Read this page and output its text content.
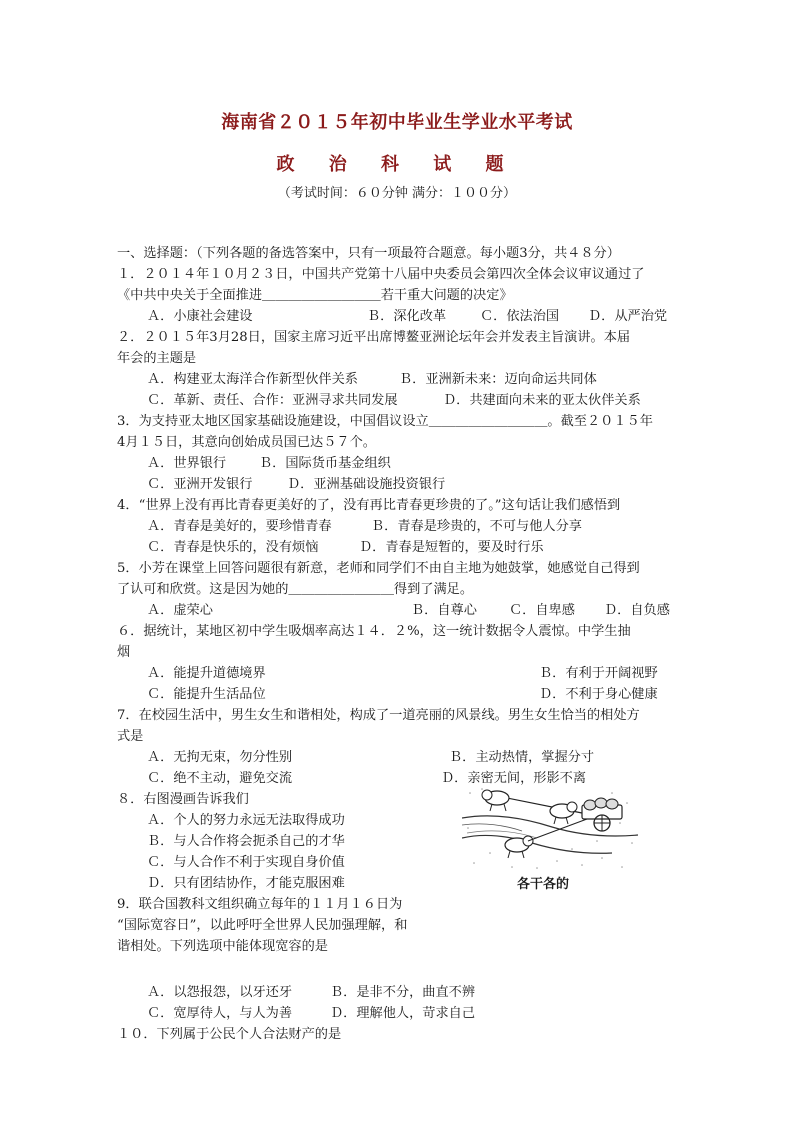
海南省２０１５年初中毕业生学业水平考试
政 治 科 试 题
（考试时间：６０分钟 满分：１００分）
一、选择题：（下列各题的备选答案中，只有一项最符合题意。每小题3分，共４８分）
１．２０１４年１０月２３日，中国共产党第十八届中央委员会第四次全体会议审议通过了
《中共中央关于全面推进＿＿＿＿＿＿＿＿＿若干重大问题的决定》
Ａ．小康社会建设	Ｂ．深化改革	Ｃ．依法治国 Ｄ．从严治党
２．２０１５年3月28日，国家主席习近平出席博鳌亚洲论坛年会并发表主旨演讲。本届
年会的主题是
Ａ．构建亚太海洋合作新型伙伴关系	Ｂ．亚洲新未来：迈向命运共同体
Ｃ．革新、责任、合作：亚洲寻求共同发展	Ｄ．共建面向未来的亚太伙伴关系
3．为支持亚太地区国家基础设施建设，中国倡议设立＿＿＿＿＿＿＿＿＿。截至２０１５年
4月１５日，其意向创始成员国已达５７个。
Ａ．世界银行 Ｂ．国际货币基金组织
Ｃ．亚洲开发银行	Ｄ．亚洲基础设施投资银行
4．“世界上没有再比青春更美好的了，没有再比青春更珍贵的了。”这句话让我们感悟到
Ａ．青春是美好的，要珍惜青春	Ｂ．青春是珍贵的，不可与他人分享
Ｃ．青春是快乐的，没有烦恼	Ｄ．青春是短暂的，要及时行乐
5．小芳在课堂上回答问题很有新意，老师和同学们不由自主地为她鼓掌，她感觉自己得到
了认可和欣赏。这是因为她的＿＿＿＿＿＿＿＿得到了满足。
Ａ．虚荣心	Ｂ．自尊心 Ｃ．自卑感 Ｄ．自负感
６．据统计，某地区初中学生吸烟率高达１４．２%，这一统计数据令人震惊。中学生抽
烟
Ａ．能提升道德境界	Ｂ．有利于开阔视野
Ｃ．能提升生活品位	Ｄ．不利于身心健康
7．在校园生活中，男生女生和谐相处，构成了一道亮丽的风景线。男生女生恰当的相处方
式是
Ａ．无拘无束，勿分性别	Ｂ．主动热情，掌握分寸
Ｃ．绝不主动，避免交流	Ｄ．亲密无间，形影不离
８．右图漫画告诉我们
Ａ．个人的努力永远无法取得成功
Ｂ．与人合作将会扼杀自己的才华
Ｃ．与人合作不利于实现自身价值
Ｄ．只有团结协作，才能克服困难	各干各的
9．联合国教科文组织确立每年的１１月１６日为
“国际宽容日”，以此呼吁全世界人民加强理解，和
谐相处。下列选项中能体现宽容的是
Ａ．以怨报怨，以牙还牙	Ｂ．是非不分，曲直不辨
Ｃ．宽厚待人，与人为善	Ｄ．理解他人，苛求自己
１０．下列属于公民个人合法财产的是
